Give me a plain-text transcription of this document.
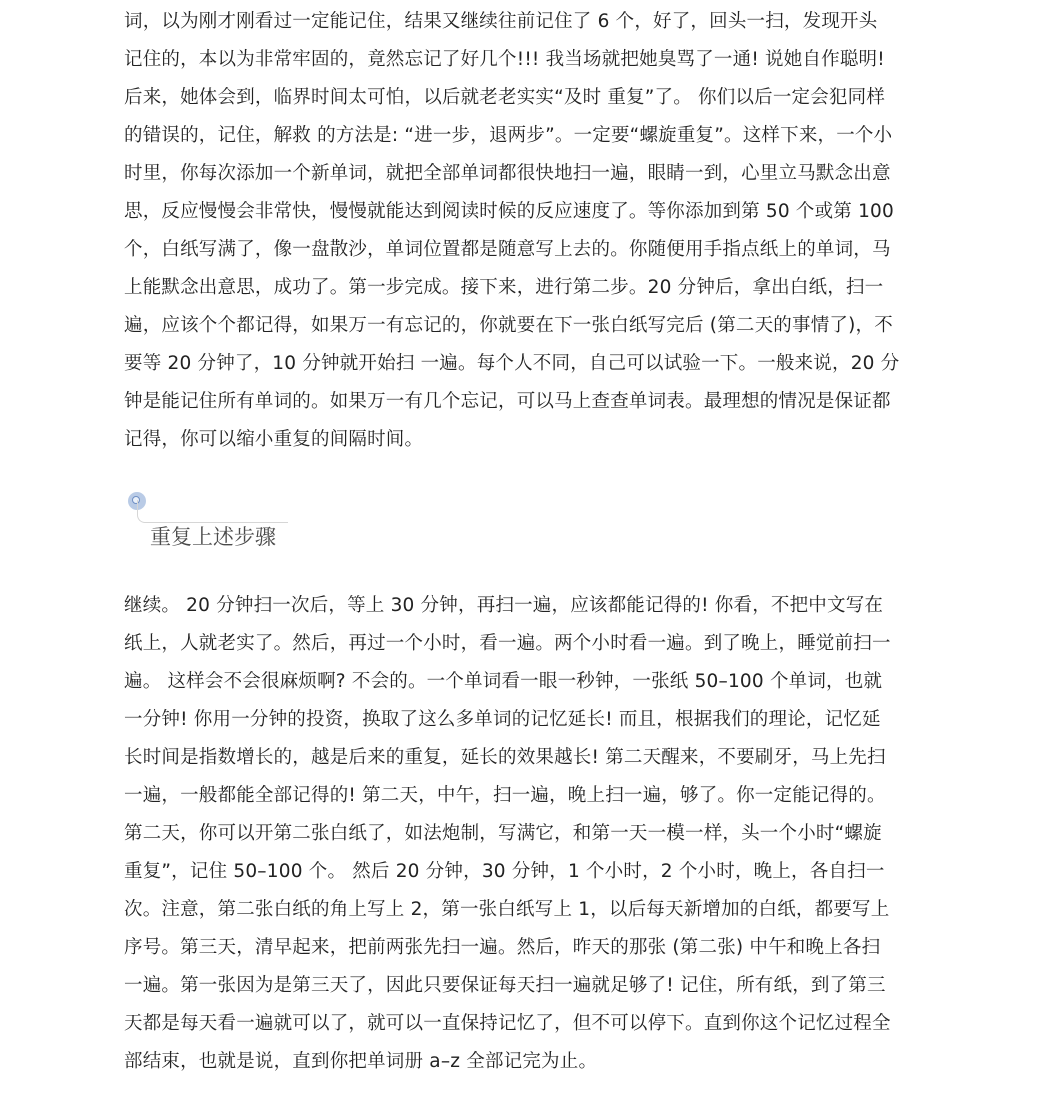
词，以为刚才刚看过一定能记住，结果又继续往前记住了 6 个，好了，回头一扫，发现开头
记住的，本以为非常牢固的，竟然忘记了好几个!!! 我当场就把她臭骂了一通! 说她自作聪明!
后来，她体会到，临界时间太可怕，以后就老老实实“及时 重复”了。 你们以后一定会犯同样
的错误的，记住，解救 的方法是: “进一步，退两步”。一定要“螺旋重复”。这样下来，一个小
时里，你每次添加一个新单词，就把全部单词都很快地扫一遍，眼睛一到，心里立马默念出意
思，反应慢慢会非常快，慢慢就能达到阅读时候的反应速度了。等你添加到第 50 个或第 100
个，白纸写满了，像一盘散沙，单词位置都是随意写上去的。你随便用手指点纸上的单词，马
上能默念出意思，成功了。第一步完成。接下来，进行第二步。20 分钟后，拿出白纸，扫一
遍，应该个个都记得，如果万一有忘记的，你就要在下一张白纸写完后 (第二天的事情了)，不
要等 20 分钟了，10 分钟就开始扫 一遍。每个人不同，自己可以试验一下。一般来说，20 分
钟是能记住所有单词的。如果万一有几个忘记，可以马上查查单词表。最理想的情况是保证都
记得，你可以缩小重复的间隔时间。
重复上述步骤
继续。 20 分钟扫一次后，等上 30 分钟，再扫一遍，应该都能记得的! 你看，不把中文写在
纸上，人就老实了。然后，再过一个小时，看一遍。两个小时看一遍。到了晚上，睡觉前扫一
遍。 这样会不会很麻烦啊? 不会的。一个单词看一眼一秒钟，一张纸 50–100 个单词，也就
一分钟! 你用一分钟的投资，换取了这么多单词的记忆延长! 而且，根据我们的理论，记忆延
长时间是指数增长的，越是后来的重复，延长的效果越长! 第二天醒来，不要刷牙，马上先扫
一遍，一般都能全部记得的! 第二天，中午，扫一遍，晚上扫一遍，够了。你一定能记得的。
第二天，你可以开第二张白纸了，如法炮制，写满它，和第一天一模一样，头一个小时“螺旋
重复”，记住 50–100 个。 然后 20 分钟，30 分钟，1 个小时，2 个小时，晚上，各自扫一
次。注意，第二张白纸的角上写上 2，第一张白纸写上 1，以后每天新增加的白纸，都要写上
序号。第三天，清早起来，把前两张先扫一遍。然后，昨天的那张 (第二张) 中午和晚上各扫
一遍。第一张因为是第三天了，因此只要保证每天扫一遍就足够了! 记住，所有纸，到了第三
天都是每天看一遍就可以了，就可以一直保持记忆了，但不可以停下。直到你这个记忆过程全
部结束，也就是说，直到你把单词册 a–z 全部记完为止。
